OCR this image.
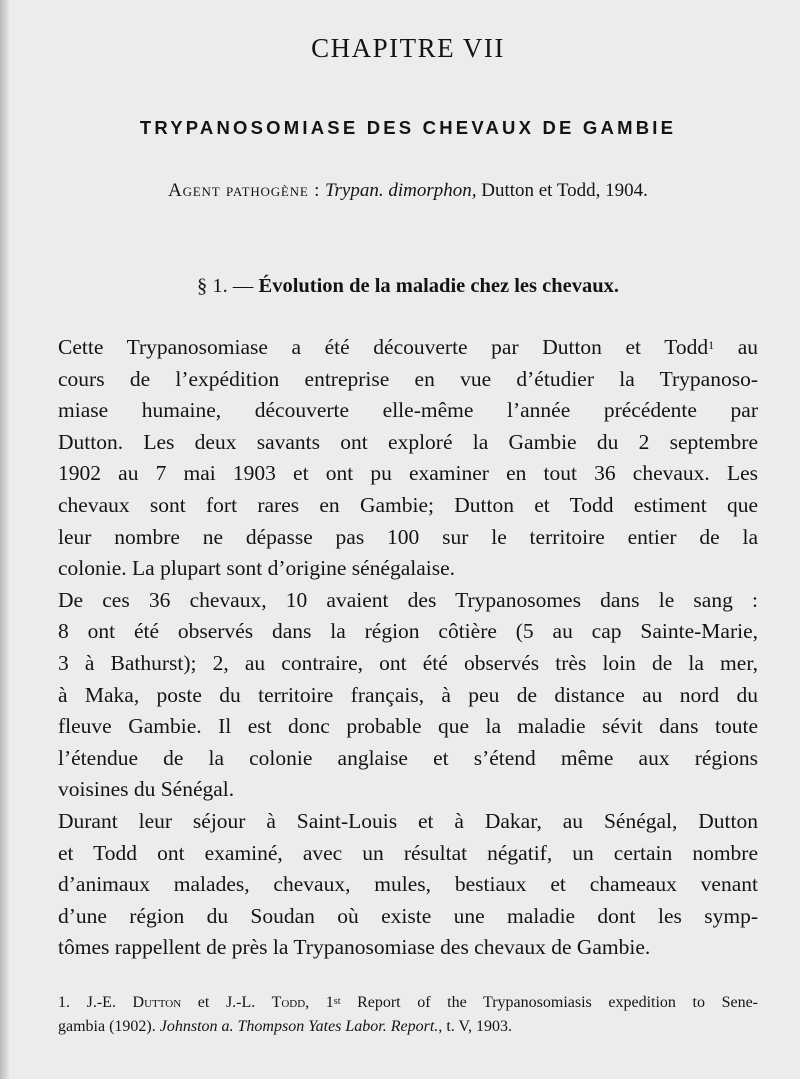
CHAPITRE VII
TRYPANOSOMIASE DES CHEVAUX DE GAMBIE
Agent pathogène : Trypan. dimorphon, Dutton et Todd, 1904.
§ 1. — Évolution de la maladie chez les chevaux.

Cette Trypanosomiase a été découverte par Dutton et Todd$^1$ au
cours de l’expédition entreprise en vue d’étudier la Trypanoso-
miase humaine, découverte elle-même l’année précédente par
Dutton. Les deux savants ont exploré la Gambie du 2 septembre
1902 au 7 mai 1903 et ont pu examiner en tout 36 chevaux. Les
chevaux sont fort rares en Gambie; Dutton et Todd estiment que
leur nombre ne dépasse pas 100 sur le territoire entier de la
colonie. La plupart sont d’origine sénégalaise.

De ces 36 chevaux, 10 avaient des Trypanosomes dans le sang :
8 ont été observés dans la région côtière (5 au cap Sainte-Marie,
3 à Bathurst); 2, au contraire, ont été observés très loin de la mer,
à Maka, poste du territoire français, à peu de distance au nord du
fleuve Gambie. Il est donc probable que la maladie sévit dans toute
l’étendue de la colonie anglaise et s’étend même aux régions
voisines du Sénégal.

Durant leur séjour à Saint-Louis et à Dakar, au Sénégal, Dutton
et Todd ont examiné, avec un résultat négatif, un certain nombre
d’animaux malades, chevaux, mules, bestiaux et chameaux venant
d’une région du Soudan où existe une maladie dont les symp-
tômes rappellent de près la Trypanosomiase des chevaux de Gambie.

1. J.-E. Dutton et J.-L. Todd, 1st Report of the Trypanosomiasis expedition to Sene-
gambia (1902). Johnston a. Thompson Yates Labor. Report., t. V, 1903.
